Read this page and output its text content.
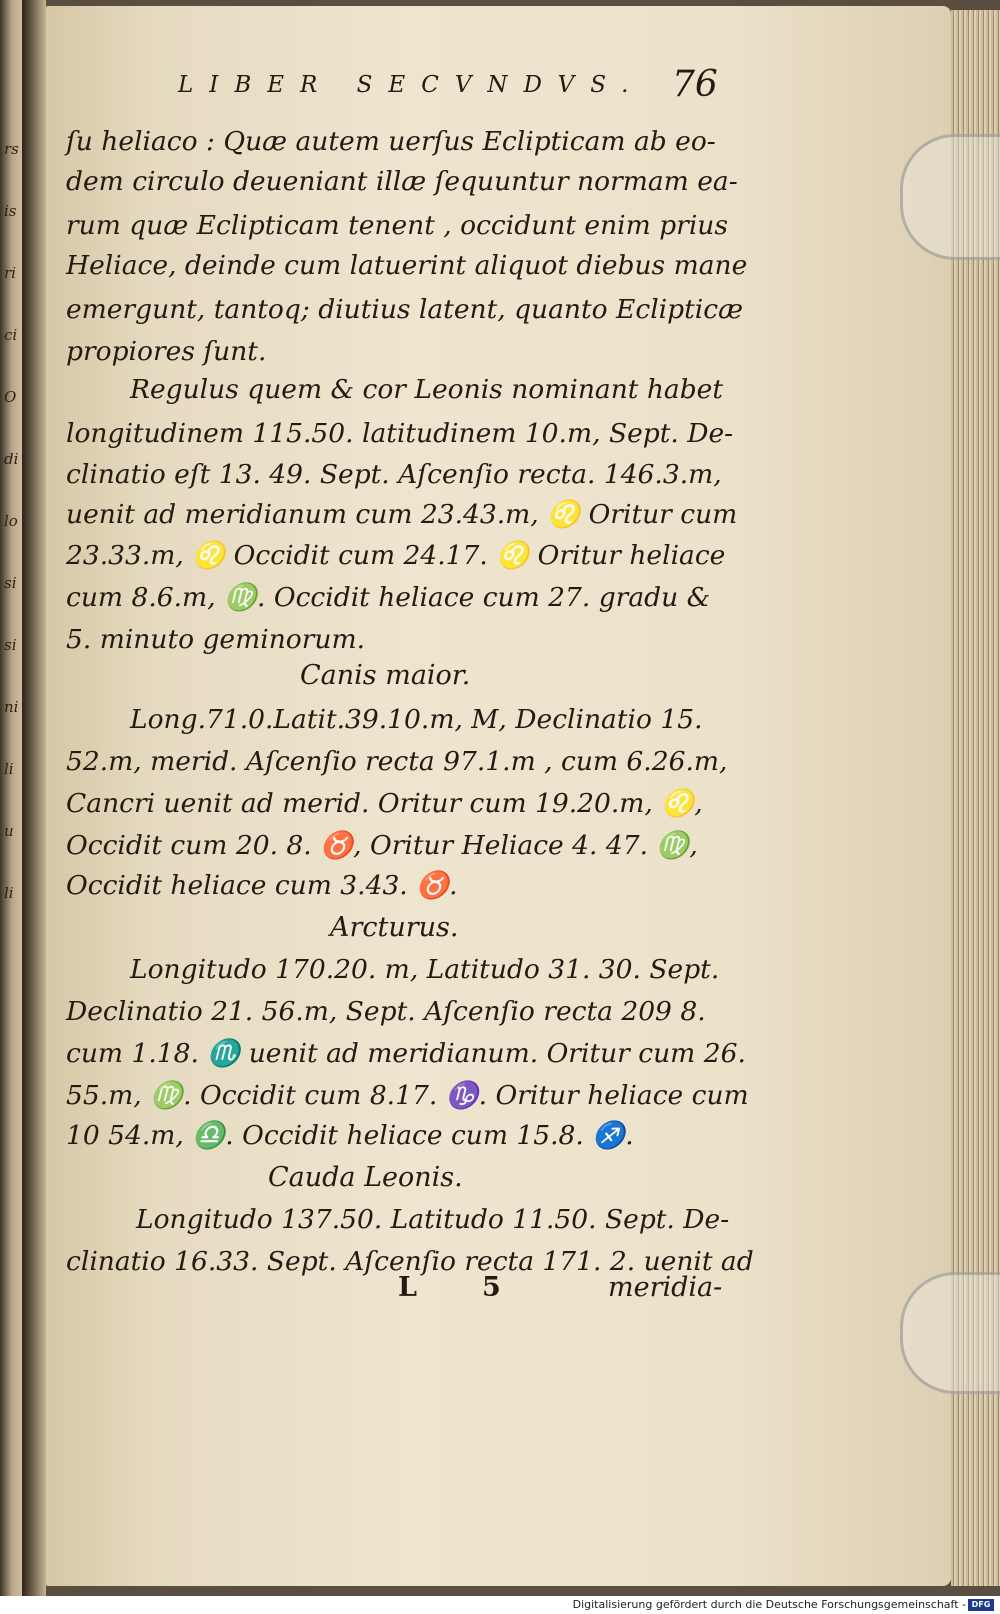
rs
is
ri
ci
O
di
lo
si
si
ni
li
u
li

LIBER SECVNDVS. 76

ſu heliaco : Quæ autem uerſus Eclipticam ab eo-

dem circulo deueniant illæ ſequuntur normam ea-

rum quæ Eclipticam tenent , occidunt enim prius

Heliace, deinde cum latuerint aliquot diebus mane

emergunt, tantoq; diutius latent, quanto Eclipticæ

propiores ſunt.

Regulus quem & cor Leonis nominant habet

longitudinem 115.50. latitudinem 10.m, Sept. De-

clinatio eſt 13. 49. Sept. Aſcenſio recta. 146.3.m,

uenit ad meridianum cum 23.43.m, ♌ Oritur cum

23.33.m, ♌ Occidit cum 24.17. ♌ Oritur heliace

cum 8.6.m, ♍. Occidit heliace cum 27. gradu &

5. minuto geminorum.

Canis maior.

Long.71.0.Latit.39.10.m, M, Declinatio 15.

52.m, merid. Aſcenſio recta 97.1.m , cum 6.26.m,

Cancri uenit ad merid. Oritur cum 19.20.m, ♌,

Occidit cum 20. 8. ♉, Oritur Heliace 4. 47. ♍,

Occidit heliace cum 3.43. ♉.

Arcturus.

Longitudo 170.20. m, Latitudo 31. 30. Sept.

Declinatio 21. 56.m, Sept. Aſcenſio recta 209 8.

cum 1.18. ♏ uenit ad meridianum. Oritur cum 26.

55.m, ♍. Occidit cum 8.17. ♑. Oritur heliace cum

10 54.m, ♎. Occidit heliace cum 15.8. ♐.

Cauda Leonis.

Longitudo 137.50. Latitudo 11.50. Sept. De-

clinatio 16.33. Sept. Aſcenſio recta 171. 2. uenit ad

L 5	meridia-

Digitalisierung gefördert durch die Deutsche Forschungsgemeinschaft - DFG
